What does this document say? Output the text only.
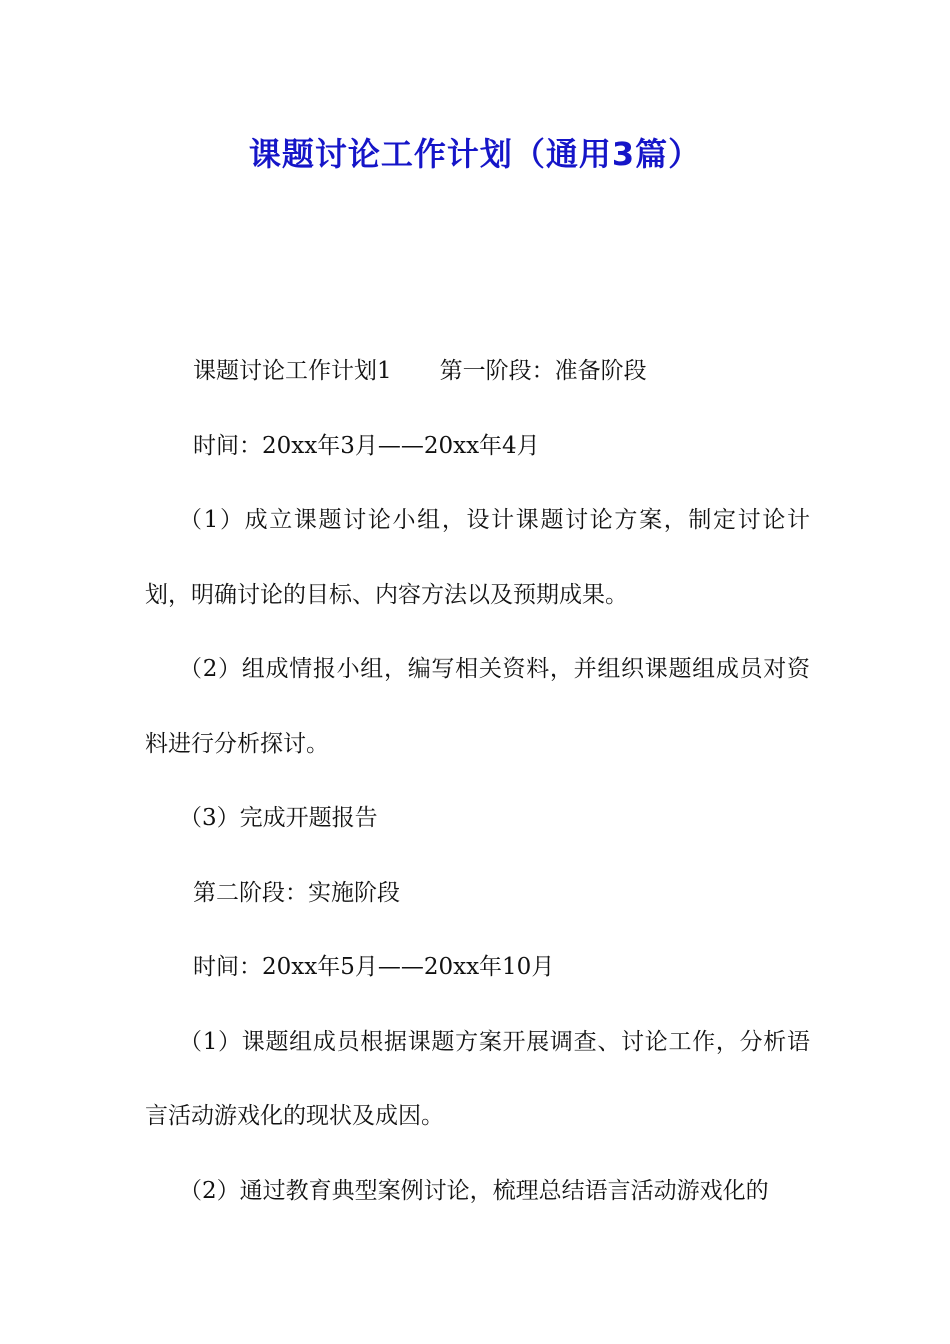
课题讨论工作计划（通用3篇）

课题讨论工作计划1 第一阶段：准备阶段

时间：20xx年3月——20xx年4月

（1）成立课题讨论小组，设计课题讨论方案，制定讨论计划，明确讨论的目标、内容方法以及预期成果。

（2）组成情报小组，编写相关资料，并组织课题组成员对资料进行分析探讨。

（3）完成开题报告

第二阶段：实施阶段

时间：20xx年5月——20xx年10月

（1）课题组成员根据课题方案开展调查、讨论工作，分析语言活动游戏化的现状及成因。

（2）通过教育典型案例讨论，梳理总结语言活动游戏化的
